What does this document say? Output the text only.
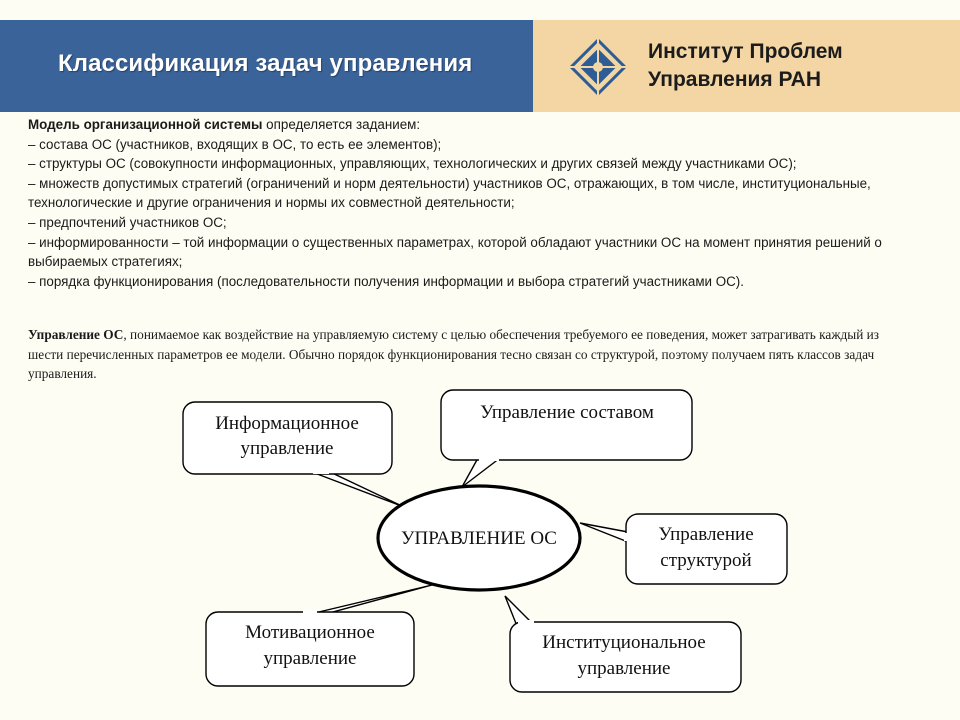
Классификация задач управления	Институт Проблем
Управления РАН

Модель организационной системы определяется заданием:

– состава ОС (участников, входящих в ОС, то есть ее элементов);

– структуры ОС (совокупности информационных, управляющих, технологических и других связей между участниками ОС);

– множеств допустимых стратегий (ограничений и норм деятельности) участников ОС, отражающих, в том числе, институциональные, технологические и другие ограничения и нормы их совместной деятельности;

– предпочтений участников ОС;

– информированности – той информации о существенных параметрах, которой обладают участники ОС на момент принятия решений о выбираемых стратегиях;

– порядка функционирования (последовательности получения информации и выбора стратегий участниками ОС).

Управление ОС, понимаемое как воздействие на управляемую систему с целью обеспечения требуемого ее поведения, может затрагивать каждый из шести перечисленных параметров ее модели. Обычно порядок функционирования тесно связан со структурой, поэтому получаем пять классов задач управления.
Информационное
управление
Управление составом
Управление
структурой
Мотивационное
управление
Институциональное
управление
УПРАВЛЕНИЕ ОС
